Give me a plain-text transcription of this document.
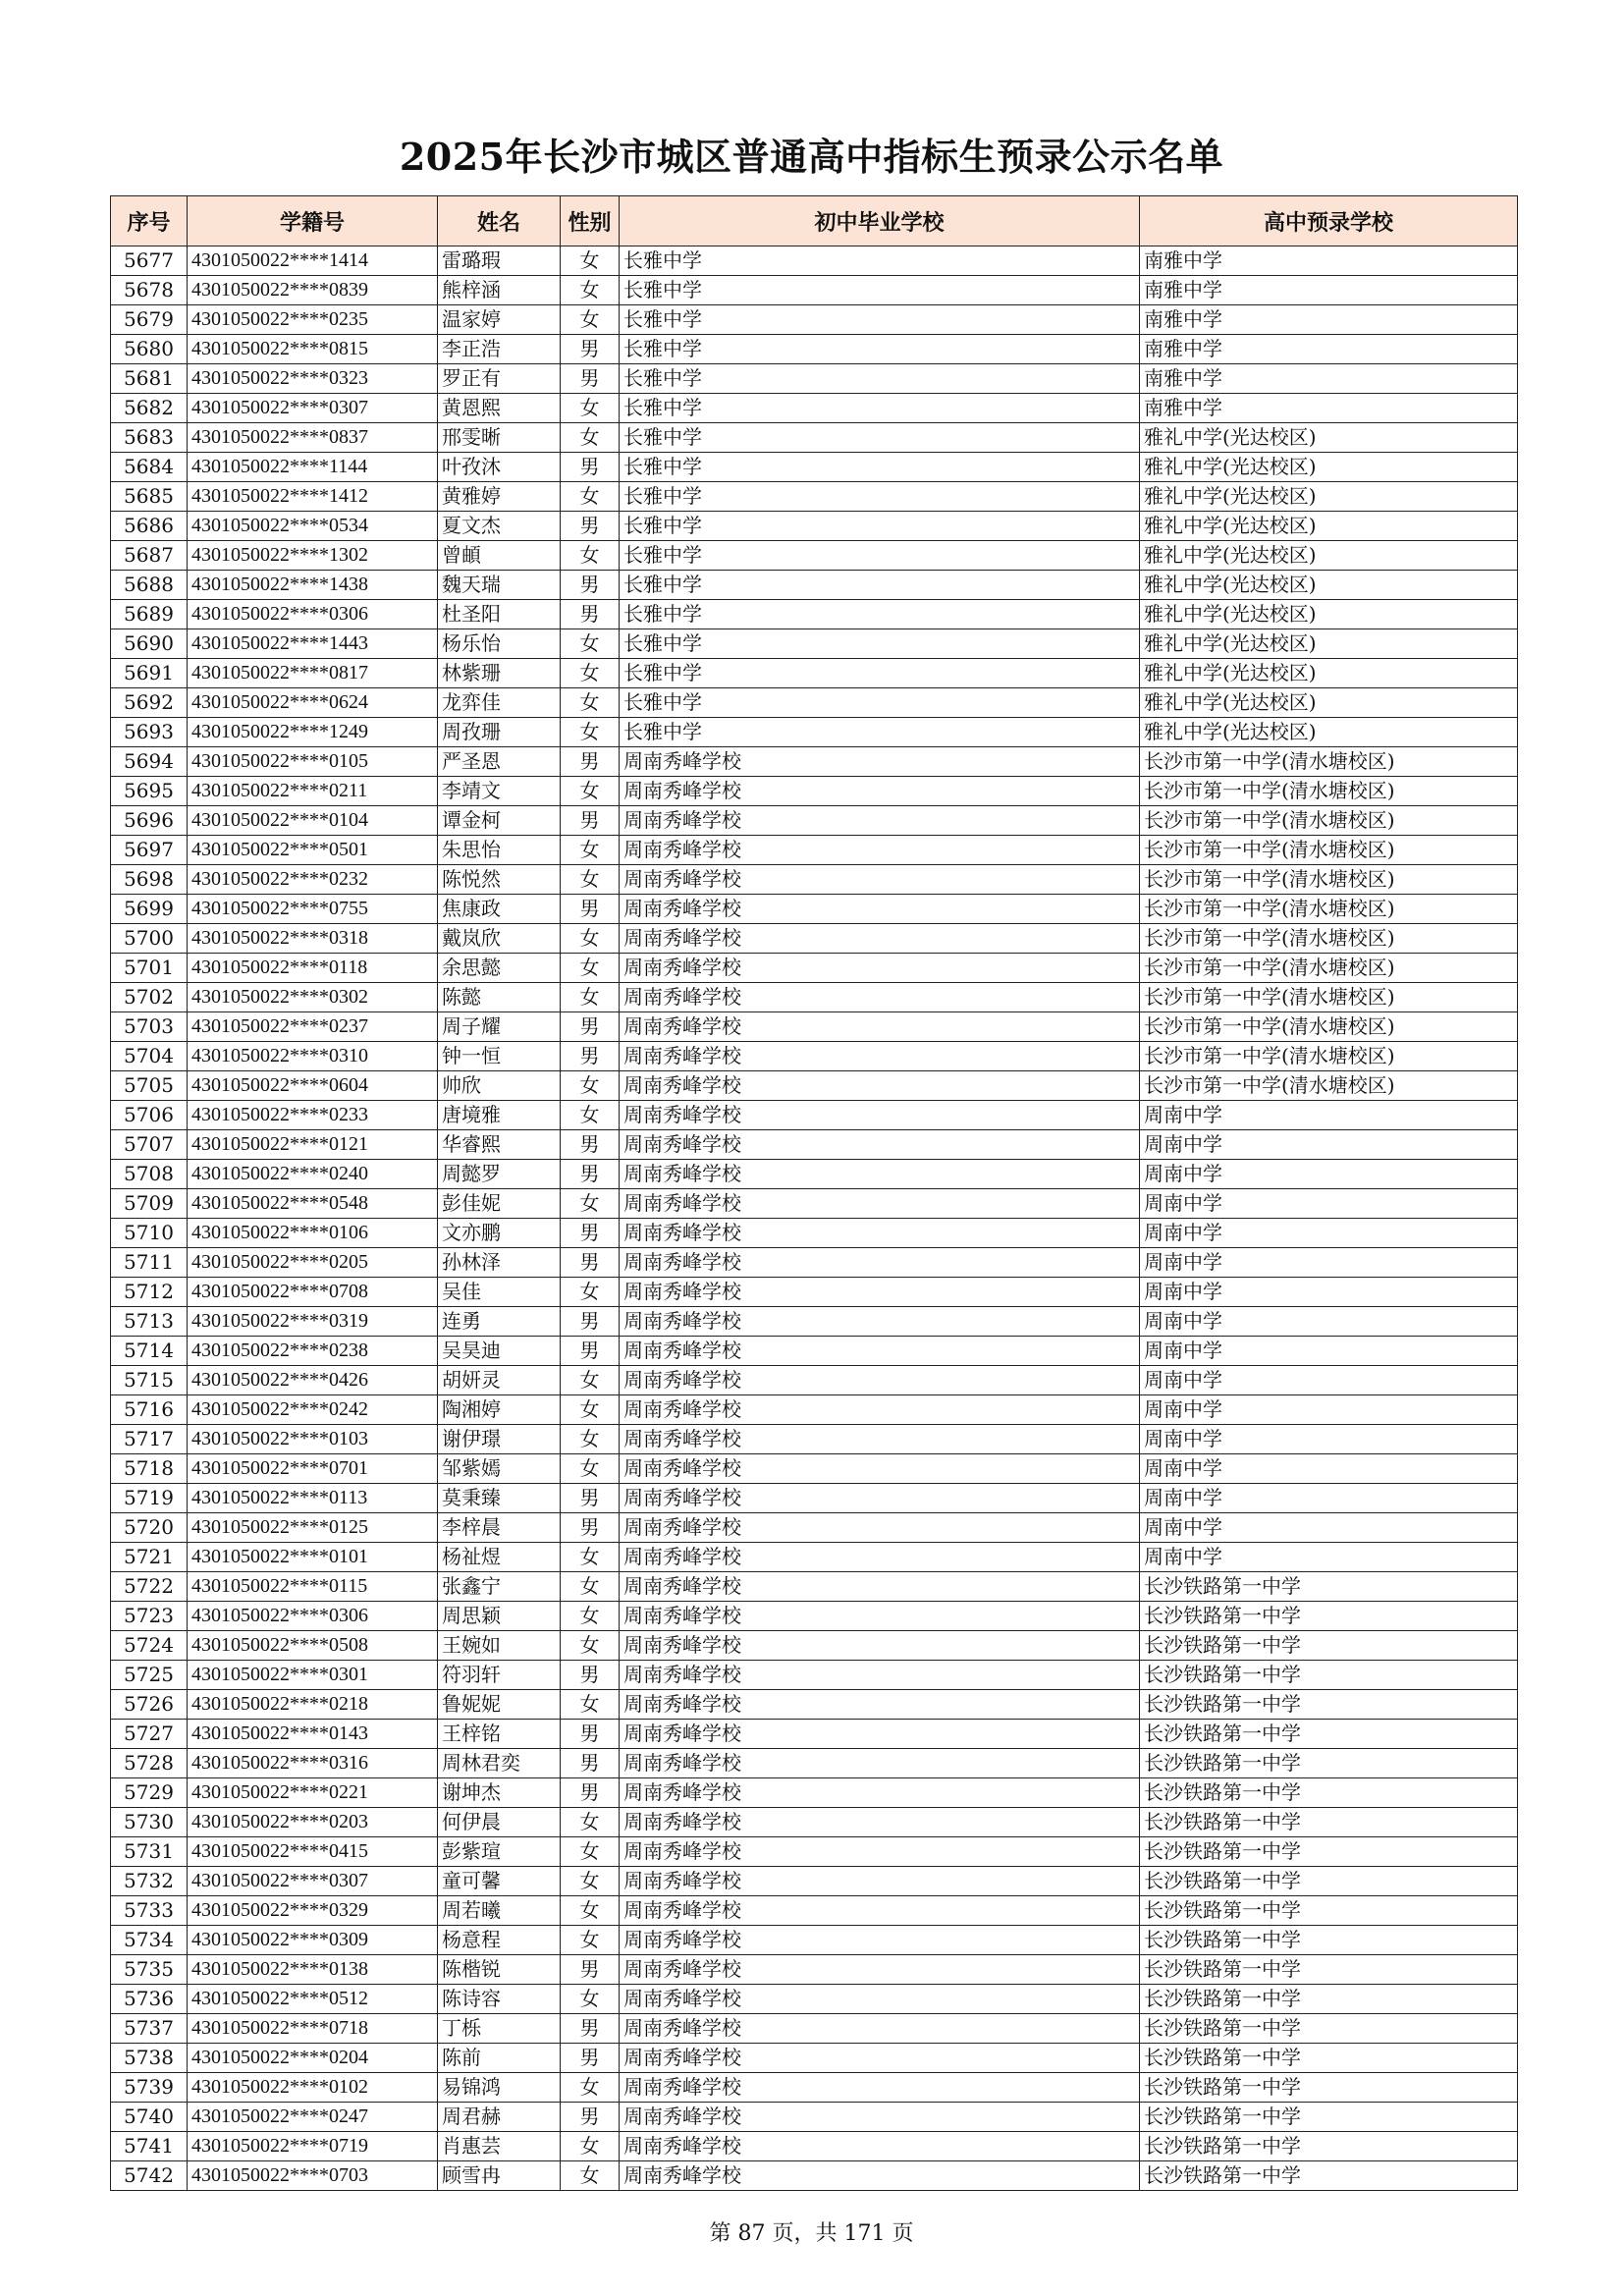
2025年长沙市城区普通高中指标生预录公示名单
序号	学籍号	姓名	性别	初中毕业学校	高中预录学校
5677	4301050022****1414	雷璐瑕	女	长雅中学	南雅中学
5678	4301050022****0839	熊梓涵	女	长雅中学	南雅中学
5679	4301050022****0235	温家婷	女	长雅中学	南雅中学
5680	4301050022****0815	李正浩	男	长雅中学	南雅中学
5681	4301050022****0323	罗正有	男	长雅中学	南雅中学
5682	4301050022****0307	黄恩熙	女	长雅中学	南雅中学
5683	4301050022****0837	邢雯晰	女	长雅中学	雅礼中学(光达校区)
5684	4301050022****1144	叶孜沐	男	长雅中学	雅礼中学(光达校区)
5685	4301050022****1412	黄雅婷	女	长雅中学	雅礼中学(光达校区)
5686	4301050022****0534	夏文杰	男	长雅中学	雅礼中学(光达校区)
5687	4301050022****1302	曾頔	女	长雅中学	雅礼中学(光达校区)
5688	4301050022****1438	魏天瑞	男	长雅中学	雅礼中学(光达校区)
5689	4301050022****0306	杜圣阳	男	长雅中学	雅礼中学(光达校区)
5690	4301050022****1443	杨乐怡	女	长雅中学	雅礼中学(光达校区)
5691	4301050022****0817	林紫珊	女	长雅中学	雅礼中学(光达校区)
5692	4301050022****0624	龙弈佳	女	长雅中学	雅礼中学(光达校区)
5693	4301050022****1249	周孜珊	女	长雅中学	雅礼中学(光达校区)
5694	4301050022****0105	严圣恩	男	周南秀峰学校	长沙市第一中学(清水塘校区)
5695	4301050022****0211	李靖文	女	周南秀峰学校	长沙市第一中学(清水塘校区)
5696	4301050022****0104	谭金柯	男	周南秀峰学校	长沙市第一中学(清水塘校区)
5697	4301050022****0501	朱思怡	女	周南秀峰学校	长沙市第一中学(清水塘校区)
5698	4301050022****0232	陈悦然	女	周南秀峰学校	长沙市第一中学(清水塘校区)
5699	4301050022****0755	焦康政	男	周南秀峰学校	长沙市第一中学(清水塘校区)
5700	4301050022****0318	戴岚欣	女	周南秀峰学校	长沙市第一中学(清水塘校区)
5701	4301050022****0118	余思懿	女	周南秀峰学校	长沙市第一中学(清水塘校区)
5702	4301050022****0302	陈懿	女	周南秀峰学校	长沙市第一中学(清水塘校区)
5703	4301050022****0237	周子耀	男	周南秀峰学校	长沙市第一中学(清水塘校区)
5704	4301050022****0310	钟一恒	男	周南秀峰学校	长沙市第一中学(清水塘校区)
5705	4301050022****0604	帅欣	女	周南秀峰学校	长沙市第一中学(清水塘校区)
5706	4301050022****0233	唐境雅	女	周南秀峰学校	周南中学
5707	4301050022****0121	华睿熙	男	周南秀峰学校	周南中学
5708	4301050022****0240	周懿罗	男	周南秀峰学校	周南中学
5709	4301050022****0548	彭佳妮	女	周南秀峰学校	周南中学
5710	4301050022****0106	文亦鹏	男	周南秀峰学校	周南中学
5711	4301050022****0205	孙林泽	男	周南秀峰学校	周南中学
5712	4301050022****0708	吴佳	女	周南秀峰学校	周南中学
5713	4301050022****0319	连勇	男	周南秀峰学校	周南中学
5714	4301050022****0238	吴昊迪	男	周南秀峰学校	周南中学
5715	4301050022****0426	胡妍灵	女	周南秀峰学校	周南中学
5716	4301050022****0242	陶湘婷	女	周南秀峰学校	周南中学
5717	4301050022****0103	谢伊璟	女	周南秀峰学校	周南中学
5718	4301050022****0701	邹紫嫣	女	周南秀峰学校	周南中学
5719	4301050022****0113	莫秉臻	男	周南秀峰学校	周南中学
5720	4301050022****0125	李梓晨	男	周南秀峰学校	周南中学
5721	4301050022****0101	杨祉煜	女	周南秀峰学校	周南中学
5722	4301050022****0115	张鑫宁	女	周南秀峰学校	长沙铁路第一中学
5723	4301050022****0306	周思颖	女	周南秀峰学校	长沙铁路第一中学
5724	4301050022****0508	王婉如	女	周南秀峰学校	长沙铁路第一中学
5725	4301050022****0301	符羽轩	男	周南秀峰学校	长沙铁路第一中学
5726	4301050022****0218	鲁妮妮	女	周南秀峰学校	长沙铁路第一中学
5727	4301050022****0143	王梓铭	男	周南秀峰学校	长沙铁路第一中学
5728	4301050022****0316	周林君奕	男	周南秀峰学校	长沙铁路第一中学
5729	4301050022****0221	谢坤杰	男	周南秀峰学校	长沙铁路第一中学
5730	4301050022****0203	何伊晨	女	周南秀峰学校	长沙铁路第一中学
5731	4301050022****0415	彭紫瑄	女	周南秀峰学校	长沙铁路第一中学
5732	4301050022****0307	童可馨	女	周南秀峰学校	长沙铁路第一中学
5733	4301050022****0329	周若曦	女	周南秀峰学校	长沙铁路第一中学
5734	4301050022****0309	杨意程	女	周南秀峰学校	长沙铁路第一中学
5735	4301050022****0138	陈楷锐	男	周南秀峰学校	长沙铁路第一中学
5736	4301050022****0512	陈诗容	女	周南秀峰学校	长沙铁路第一中学
5737	4301050022****0718	丁栎	男	周南秀峰学校	长沙铁路第一中学
5738	4301050022****0204	陈前	男	周南秀峰学校	长沙铁路第一中学
5739	4301050022****0102	易锦鸿	女	周南秀峰学校	长沙铁路第一中学
5740	4301050022****0247	周君赫	男	周南秀峰学校	长沙铁路第一中学
5741	4301050022****0719	肖惠芸	女	周南秀峰学校	长沙铁路第一中学
5742	4301050022****0703	顾雪冉	女	周南秀峰学校	长沙铁路第一中学
第 87 页，共 171 页
